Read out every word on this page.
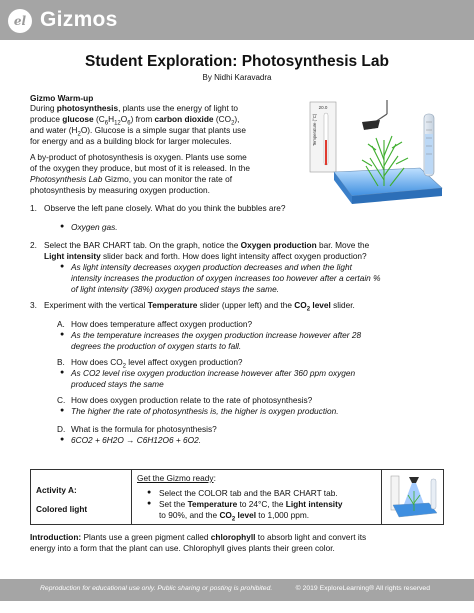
el Gizmos
Student Exploration: Photosynthesis Lab
By Nidhi Karavadra
Gizmo Warm-up
During photosynthesis, plants use the energy of light to
produce glucose $(C_6H_{12}O_6)$ from carbon dioxide $(CO_2)$,
and water $(H_2O)$. Glucose is a simple sugar that plants use
for energy and as a building block for larger molecules.
A by-product of photosynthesis is oxygen. Plants use some
of the oxygen they produce, but most of it is released. In the
Photosynthesis Lab Gizmo, you can monitor the rate of
photosynthesis by measuring oxygen production.
20.0
Temperature (°C)
1. Observe the left pane closely. What do you think the bubbles are?
● Oxygen gas.
2. Select the BAR CHART tab. On the graph, notice the Oxygen production bar. Move the
Light intensity slider back and forth. How does light intensity affect oxygen production?
● As light intensity decreases oxygen production decreases and when the light
intensity increases the production of oxygen increases too however after a certain %
of light intensity (38%) oxygen produced stays the same.
3. Experiment with the vertical Temperature slider (upper left) and the $CO_2$ level slider.
A. How does temperature affect oxygen production?
● As the temperature increases the oxygen production increase however after 28
degrees the production of oxygen starts to fall.
B. How does $CO_2$ level affect oxygen production?
● As CO2 level rise oxygen production increase however after 360 ppm oxygen
produced stays the same
C. How does oxygen production relate to the rate of photosynthesis?
● The higher the rate of photosynthesis is, the higher is oxygen production.
D. What is the formula for photosynthesis?
● 6CO2 + 6H2O → C6H12O6 + 6O2.
Activity A:
Colored light
Get the Gizmo ready:
● Select the COLOR tab and the BAR CHART tab.
● Set the Temperature to 24°C, the Light intensity
to 90%, and the $CO_2$ level to 1,000 ppm.
Introduction: Plants use a green pigment called chlorophyll to absorb light and convert its
energy into a form that the plant can use. Chlorophyll gives plants their green color.
Reproduction for educational use only. Public sharing or posting is prohibited.	© 2019 ExploreLearning® All rights reserved
